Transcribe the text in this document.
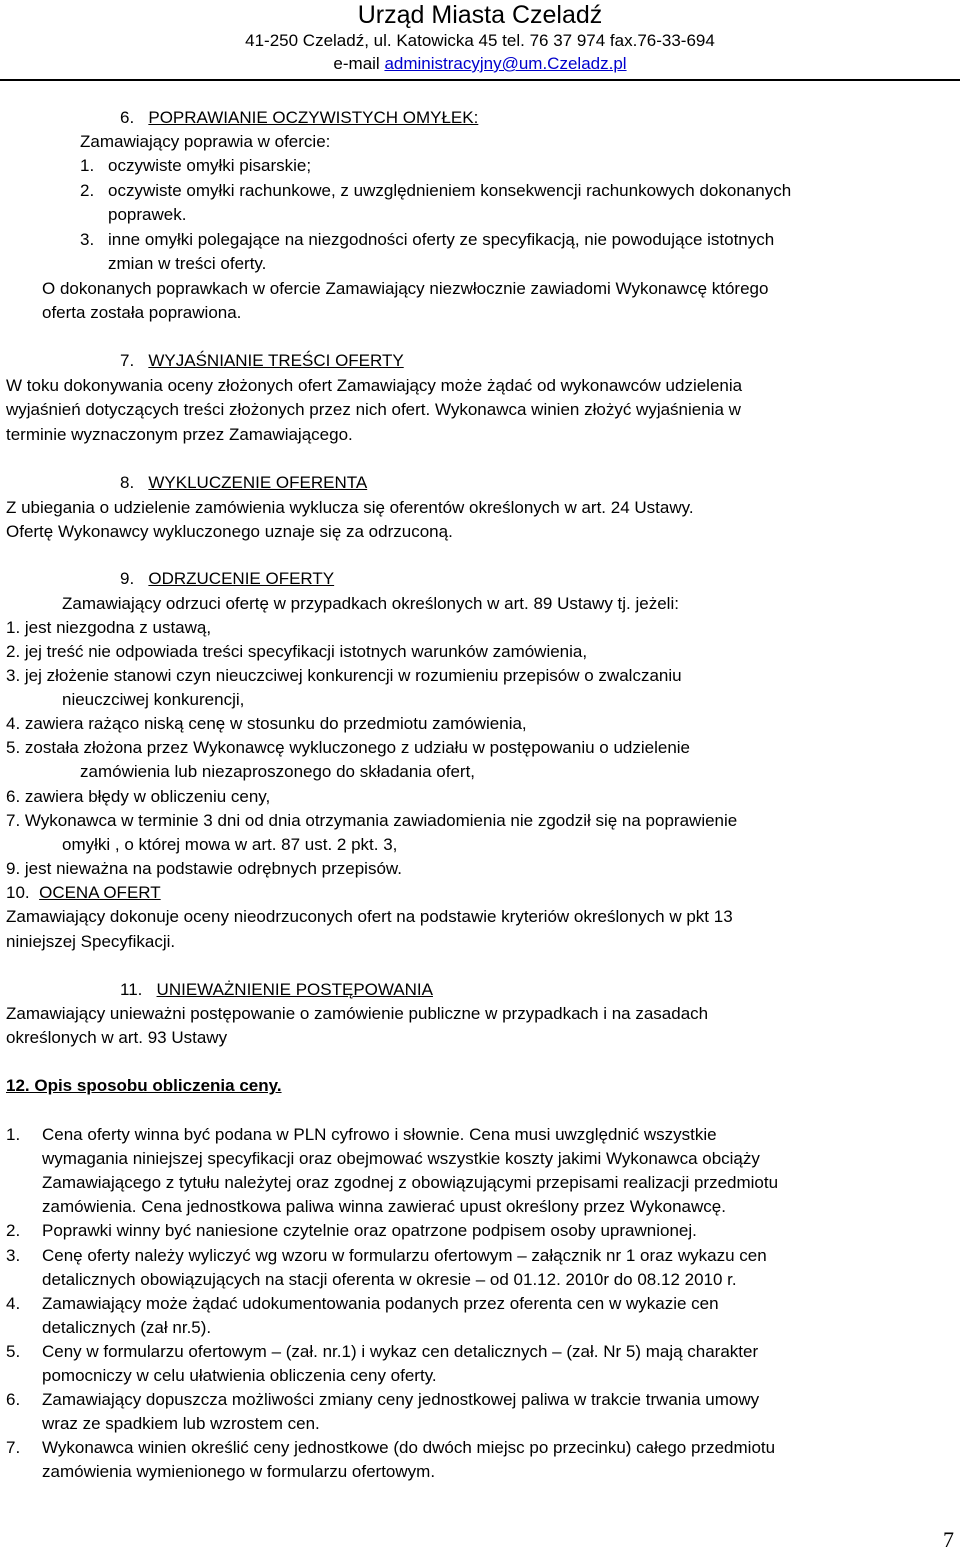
Urząd Miasta Czeladź
41-250 Czeladź, ul. Katowicka 45 tel. 76 37 974 fax.76-33-694
e-mail administracyjny@um.Czeladz.pl
6. POPRAWIANIE OCZYWISTYCH OMYŁEK:
Zamawiający poprawia w ofercie:
1. oczywiste omyłki pisarskie;
2. oczywiste omyłki rachunkowe, z uwzględnieniem konsekwencji rachunkowych dokonanych
poprawek.
3. inne omyłki polegające na niezgodności oferty ze specyfikacją, nie powodujące istotnych
zmian w treści oferty.
O dokonanych poprawkach w ofercie Zamawiający niezwłocznie zawiadomi Wykonawcę którego
oferta została poprawiona.
7. WYJAŚNIANIE TREŚCI OFERTY
W toku dokonywania oceny złożonych ofert Zamawiający może żądać od wykonawców udzielenia
wyjaśnień dotyczących treści złożonych przez nich ofert. Wykonawca winien złożyć wyjaśnienia w
terminie wyznaczonym przez Zamawiającego.
8. WYKLUCZENIE OFERENTA
Z ubiegania o udzielenie zamówienia wyklucza się oferentów określonych w art. 24 Ustawy.
Ofertę Wykonawcy wykluczonego uznaje się za odrzuconą.
9. ODRZUCENIE OFERTY
Zamawiający odrzuci ofertę w przypadkach określonych w art. 89 Ustawy tj. jeżeli:
1. jest niezgodna z ustawą,
2. jej treść nie odpowiada treści specyfikacji istotnych warunków zamówienia,
3. jej złożenie stanowi czyn nieuczciwej konkurencji w rozumieniu przepisów o zwalczaniu
nieuczciwej konkurencji,
4. zawiera rażąco niską cenę w stosunku do przedmiotu zamówienia,
5. została złożona przez Wykonawcę wykluczonego z udziału w postępowaniu o udzielenie
zamówienia lub niezaproszonego do składania ofert,
6. zawiera błędy w obliczeniu ceny,
7. Wykonawca w terminie 3 dni od dnia otrzymania zawiadomienia nie zgodził się na poprawienie
omyłki , o której mowa w art. 87 ust. 2 pkt. 3,
9. jest nieważna na podstawie odrębnych przepisów.
10. OCENA OFERT
Zamawiający dokonuje oceny nieodrzuconych ofert na podstawie kryteriów określonych w pkt 13
niniejszej Specyfikacji.
11. UNIEWAŻNIENIE POSTĘPOWANIA
Zamawiający unieważni postępowanie o zamówienie publiczne w przypadkach i na zasadach
określonych w art. 93 Ustawy
12. Opis sposobu obliczenia ceny.
1. Cena oferty winna być podana w PLN cyfrowo i słownie. Cena musi uwzględnić wszystkie
wymagania niniejszej specyfikacji oraz obejmować wszystkie koszty jakimi Wykonawca obciąży
Zamawiającego z tytułu należytej oraz zgodnej z obowiązującymi przepisami realizacji przedmiotu
zamówienia. Cena jednostkowa paliwa winna zawierać upust określony przez Wykonawcę.
2. Poprawki winny być naniesione czytelnie oraz opatrzone podpisem osoby uprawnionej.
3. Cenę oferty należy wyliczyć wg wzoru w formularzu ofertowym – załącznik nr 1 oraz wykazu cen
detalicznych obowiązujących na stacji oferenta w okresie – od 01.12. 2010r do 08.12 2010 r.
4. Zamawiający może żądać udokumentowania podanych przez oferenta cen w wykazie cen
detalicznych (zał nr.5).
5. Ceny w formularzu ofertowym – (zał. nr.1) i wykaz cen detalicznych – (zał. Nr 5) mają charakter
pomocniczy w celu ułatwienia obliczenia ceny oferty.
6. Zamawiający dopuszcza możliwości zmiany ceny jednostkowej paliwa w trakcie trwania umowy
wraz ze spadkiem lub wzrostem cen.
7. Wykonawca winien określić ceny jednostkowe (do dwóch miejsc po przecinku) całego przedmiotu
zamówienia wymienionego w formularzu ofertowym.
7
